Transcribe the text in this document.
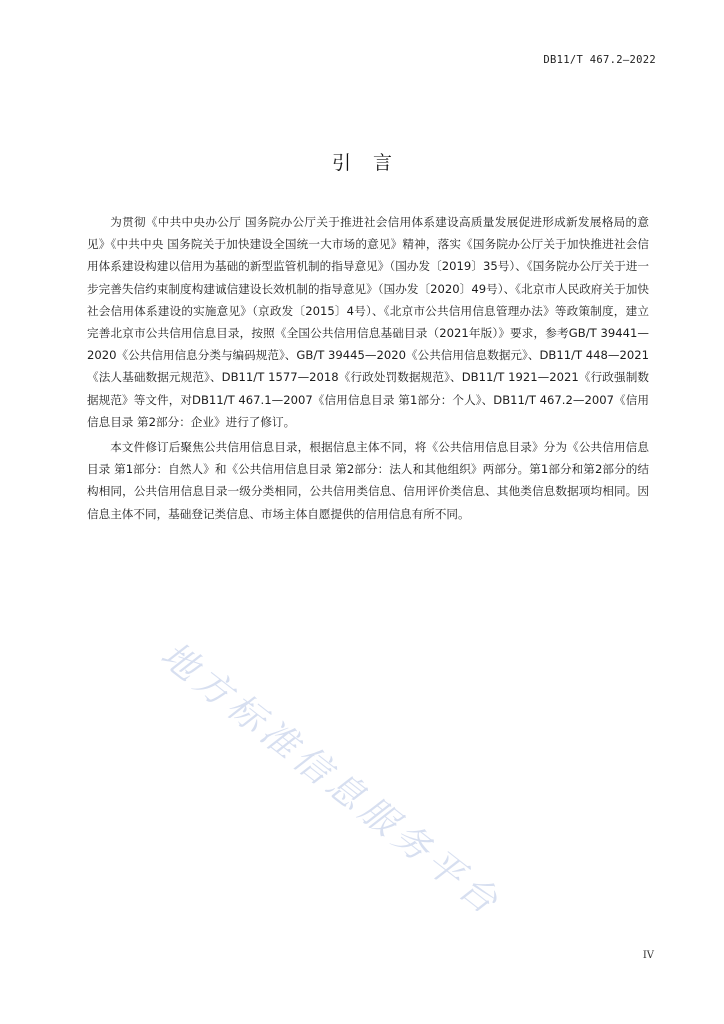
DB11/T 467.2—2022
引言

为贯彻《中共中央办公厅 国务院办公厅关于推进社会信用体系建设高质量发展促进形成新发展格局的意见》《中共中央 国务院关于加快建设全国统一大市场的意见》精神，落实《国务院办公厅关于加快推进社会信用体系建设构建以信用为基础的新型监管机制的指导意见》（国办发〔2019〕35号）、《国务院办公厅关于进一步完善失信约束制度构建诚信建设长效机制的指导意见》（国办发〔2020〕49号）、《北京市人民政府关于加快社会信用体系建设的实施意见》（京政发〔2015〕4号）、《北京市公共信用信息管理办法》等政策制度，建立完善北京市公共信用信息目录，按照《全国公共信用信息基础目录（2021年版）》要求，参考GB/T 39441—2020《公共信用信息分类与编码规范》、GB/T 39445—2020《公共信用信息数据元》、DB11/T 448—2021《法人基础数据元规范》、DB11/T 1577—2018《行政处罚数据规范》、DB11/T 1921—2021《行政强制数据规范》等文件，对DB11/T 467.1—2007《信用信息目录 第1部分：个人》、DB11/T 467.2—2007《信用信息目录 第2部分：企业》进行了修订。

本文件修订后聚焦公共信用信息目录，根据信息主体不同，将《公共信用信息目录》分为《公共信用信息目录 第1部分：自然人》和《公共信用信息目录 第2部分：法人和其他组织》两部分。第1部分和第2部分的结构相同，公共信用信息目录一级分类相同，公共信用类信息、信用评价类信息、其他类信息数据项均相同。因信息主体不同，基础登记类信息、市场主体自愿提供的信用信息有所不同。

地方标准信息服务平台
IV
